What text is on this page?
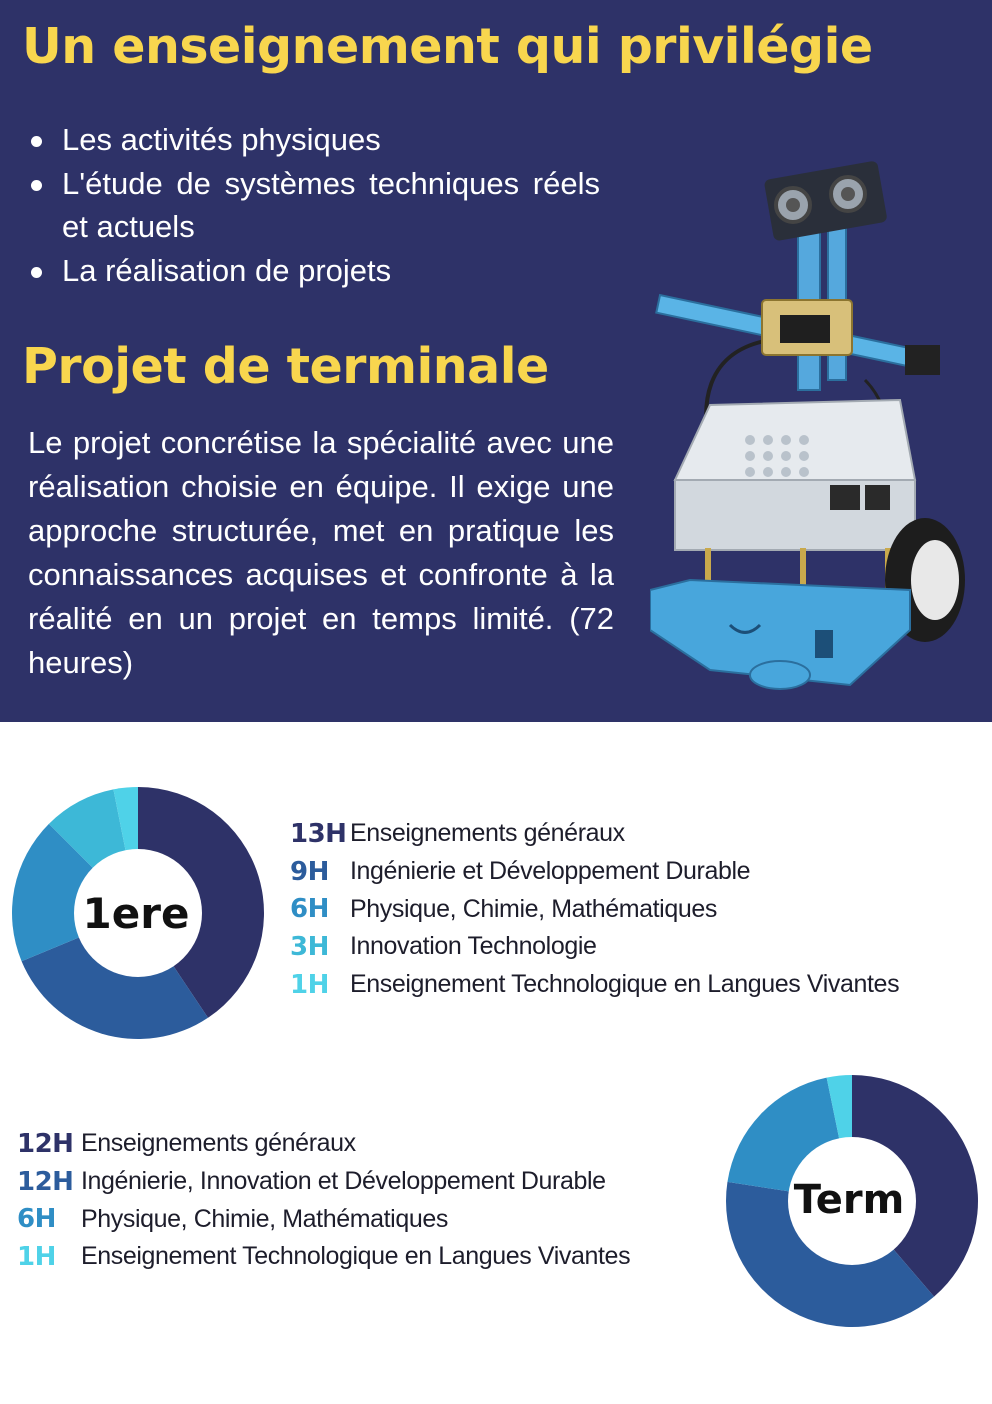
Un enseignement qui privilégie
Les activités physiques
L'étude de systèmes techniques réels et actuels
La réalisation de projets
Projet de terminale

Le projet concrétise la spécialité avec une réalisation choisie en équipe. Il exige une approche structurée, met en pratique les connaissances acquises et confronte à la réalité en un projet en temps limité. (72 heures)

1ere
13H Enseignements généraux
9H Ingénierie et Développement Durable
6H Physique, Chimie, Mathématiques
3H Innovation Technologie
1H Enseignement Technologique en Langues Vivantes
12H Enseignements généraux
12H Ingénierie, Innovation et Développement Durable
6H	Physique, Chimie, Mathématiques
1H	Enseignement Technologique en Langues Vivantes
Term
